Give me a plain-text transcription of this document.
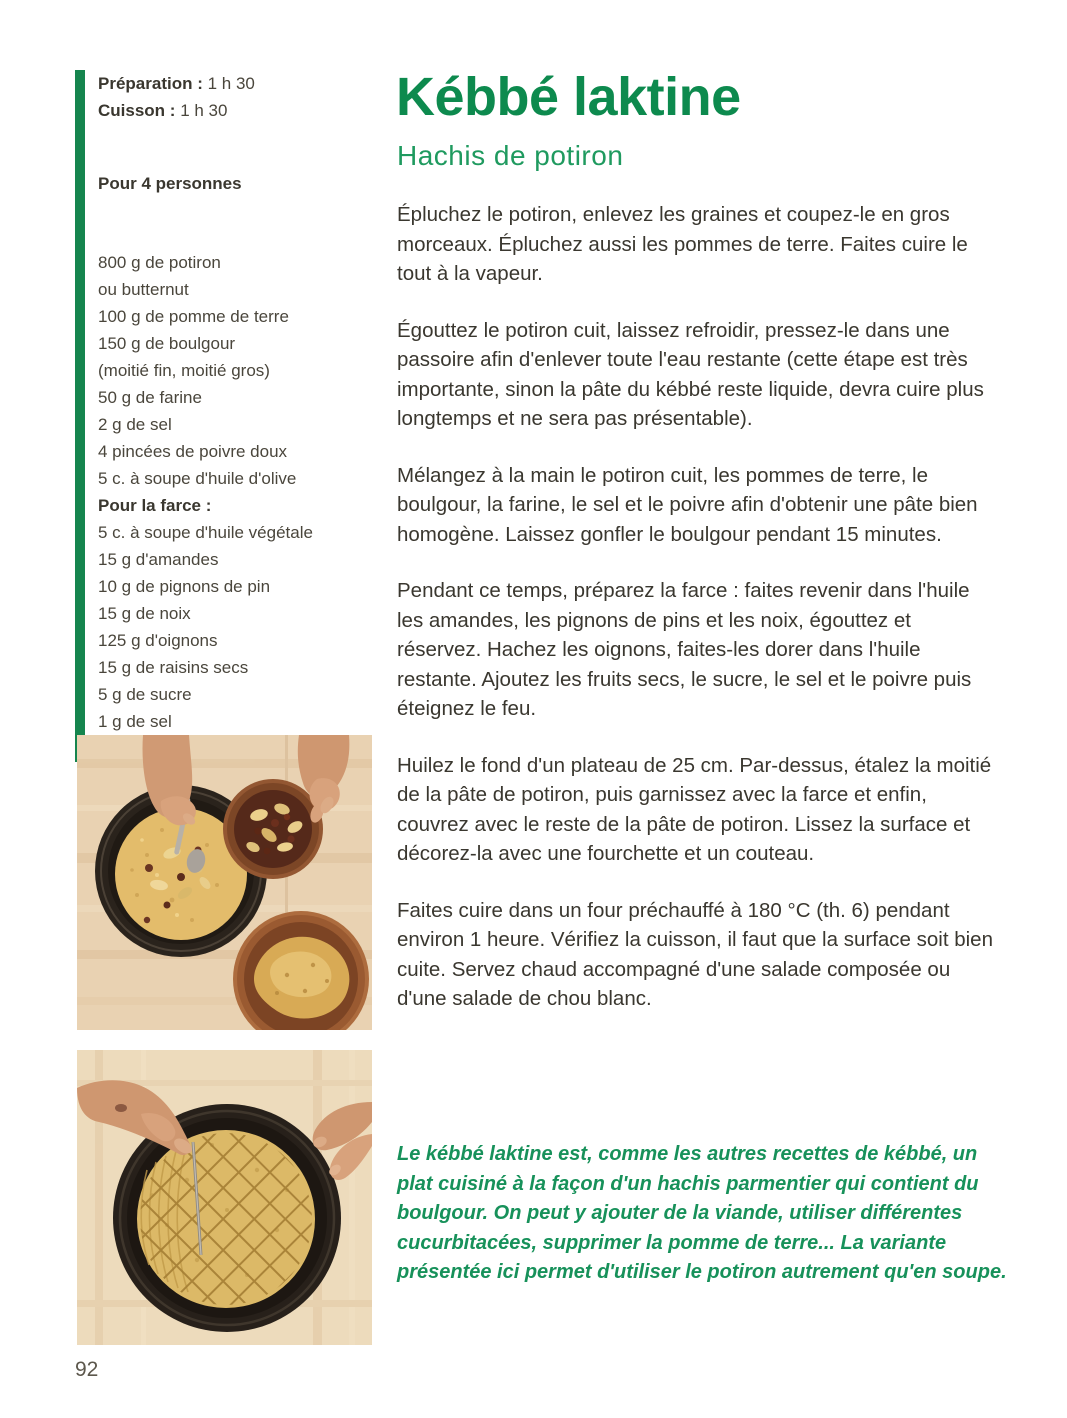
Préparation : 1 h 30
Cuisson : 1 h 30
Pour 4 personnes
800 g de potiron
ou butternut
100 g de pomme de terre
150 g de boulgour
(moitié fin, moitié gros)
50 g de farine
2 g de sel
4 pincées de poivre doux
5 c. à soupe d'huile d'olive
Pour la farce :
5 c. à soupe d'huile végétale
15 g d'amandes
10 g de pignons de pin
15 g de noix
125 g d'oignons
15 g de raisins secs
5 g de sucre
1 g de sel
Kébbé laktine
Hachis de potiron
Épluchez le potiron, enlevez les graines et coupez-le en gros morceaux. Épluchez aussi les pommes de terre. Faites cuire le tout à la vapeur.
Égouttez le potiron cuit, laissez refroidir, pressez-le dans une passoire afin d'enlever toute l'eau restante (cette étape est très importante, sinon la pâte du kébbé reste liquide, devra cuire plus longtemps et ne sera pas présentable).
Mélangez à la main le potiron cuit, les pommes de terre, le boulgour, la farine, le sel et le poivre afin d'obtenir une pâte bien homogène. Laissez gonfler le boulgour pendant 15 minutes.
Pendant ce temps, préparez la farce : faites revenir dans l'huile les amandes, les pignons de pins et les noix, égouttez et réservez. Hachez les oignons, faites-les dorer dans l'huile restante. Ajoutez les fruits secs, le sucre, le sel et le poivre puis éteignez le feu.
Huilez le fond d'un plateau de 25 cm. Par-dessus, étalez la moitié de la pâte de potiron, puis garnissez avec la farce et enfin, couvrez avec le reste de la pâte de potiron. Lissez la surface et décorez-la avec une fourchette et un couteau.
Faites cuire dans un four préchauffé à 180 °C (th. 6) pendant environ 1 heure. Vérifiez la cuisson, il faut que la surface soit bien cuite. Servez chaud accompagné d'une salade composée ou d'une salade de chou blanc.
Le kébbé laktine est, comme les autres recettes de kébbé, un plat cuisiné à la façon d'un hachis parmentier qui contient du boulgour. On peut y ajouter de la viande, utiliser différentes cucurbitacées, supprimer la pomme de terre... La variante présentée ici permet d'utiliser le potiron autrement qu'en soupe.
92
